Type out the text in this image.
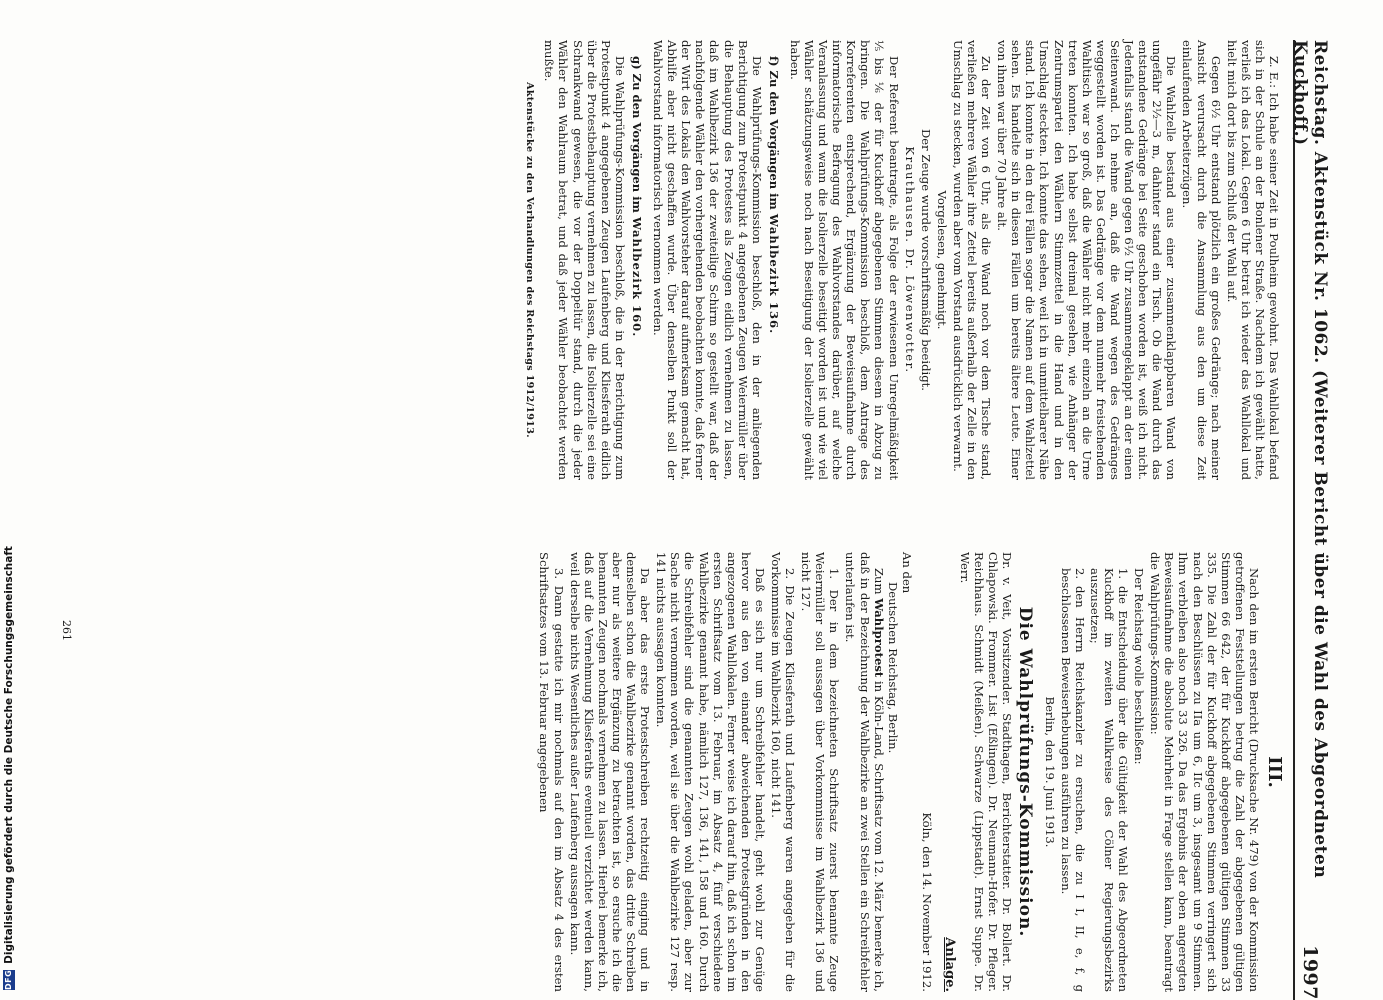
DFG
Digitalisierung gefördert durch die Deutsche Forschungsgemeinschaft	Reichstag. Aktenstück Nr. 1062. (Weiterer Bericht über die Wahl des Abgeordneten Kuckhoff.)
1997

Z. E.: Ich habe seiner Zeit in Poulheim gewohnt. Das Wahllokal befand sich in der Schule an der Bonlener Straße. Nachdem ich gewählt hatte, verließ ich das Lokal. Gegen 6 Uhr betrat ich wieder das Wahllokal und hielt mich dort bis zum Schluß der Wahl auf.

Gegen 6½ Uhr entstand plötzlich ein großes Gedränge; nach meiner Ansicht verursacht durch die Ansammlung aus den um diese Zeit einlaufenden Arbeiterzügen.

Die Wahlzelle bestand aus einer zusammenklappbaren Wand von ungefähr 2½—3 m, dahinter stand ein Tisch. Ob die Wand durch das entstandene Gedränge bei Seite geschoben worden ist, weiß ich nicht. Jedenfalls stand die Wand gegen 6½ Uhr zusammengeklappt an der einen Seitenwand. Ich nehme an, daß die Wand wegen des Gedränges weggestellt worden ist. Das Gedränge vor dem nunmehr freistehenden Wahltisch war so groß, daß die Wähler nicht mehr einzeln an die Urne treten konnten. Ich habe selbst dreimal gesehen, wie Anhänger der Zentrumspartei den Wählern Stimmzettel in die Hand und in den Umschlag steckten. Ich konnte das sehen, weil ich in unmittelbarer Nähe stand. Ich konnte in den drei Fällen sogar die Namen auf dem Wahlzettel sehen. Es handelte sich in diesen Fällen um bereits ältere Leute. Einer von ihnen war über 70 Jahre alt.

Zu der Zeit von 6 Uhr, als die Wand noch vor dem Tische stand, verließen mehrere Wähler ihre Zettel bereits außerhalb der Zelle in den Umschlag zu stecken, wurden aber vom Vorstand ausdrücklich verwarnt.

Vorgelesen, genehmigt.

Der Zeuge wurde vorschriftsmäßig beeidigt.

Krauthausen. Dr. Löwenwotter.

Der Referent beantragte, als Folge der erwiesenen Unregelmäßigkeit ⅕ bis ⅙ der für Kuckhoff abgegebenen Stimmen diesem in Abzug zu bringen. Die Wahlprüfungs-Kommission beschloß, dem Antrage des Korreferenten entsprechend, Ergänzung der Beweisaufnahme durch informatorische Befragung des Wahlvorstandes darüber, auf welche Veranlassung und wann die Isolierzelle beseitigt worden ist und wie viel Wähler schätzungsweise noch nach Beseitigung der Isolierzelle gewählt haben.

f) Zu den Vorgängen im Wahlbezirk 136.

Die Wahlprüfungs-Kommission beschloß, den in der anliegenden Berichtigung zum Protestpunkt 4 angegebenen Zeugen Weiermüller über die Behauptung des Protestes als Zeugen eidlich vernehmen zu lassen, daß im Wahlbezirk 136 der zweiteilige Schirm so gestellt war, daß der nachfolgende Wähler den vorhergehenden beobachten konnte, daß ferner der Wirt des Lokals den Wahlvorsteher darauf aufmerksam gemacht hat, Abhilfe aber nicht geschaffen wurde. Über denselben Punkt soll der Wahlvorstand informatorisch vernommen werden.

g) Zu den Vorgängen im Wahlbezirk 160.

Die Wahlprüfungs-Kommission beschloß, die in der Berichtigung zum Protestpunkt 4 angegebenen Zeugen Laufenberg und Kliesferath eidlich über die Protestbehauptung vernehmen zu lassen, die Isolierzelle sei eine Schrankwand gewesen, die vor der Doppeltür stand, durch die jeder Wähler den Wahlraum betrat, und daß jeder Wähler beobachtet werden mußte.

Aktenstücke zu den Verhandlungen des Reichstags 1912/1913.

III.

Nach den im ersten Bericht (Drucksache Nr. 479) von der Kommission getroffenen Feststellungen betrug die Zahl der abgegebenen gültigen Stimmen 66 642, der für Kuckhoff abgegebenen gültigen Stimmen 33 335. Die Zahl der für Kuckhoff abgegebenen Stimmen verringert sich nach den Beschlüssen zu IIa um 6, IIc um 3, insgesamt um 9 Stimmen. Ihm verbleiben also noch 33 326. Da das Ergebnis der oben angeregten Beweisaufnahme die absolute Mehrheit in Frage stellen kann, beantragt die Wahlprüfungs-Kommission:

Der Reichstag wolle beschließen:

1.die Entscheidung über die Gültigkeit der Wahl des Abgeordneten Kuckhoff im zweiten Wahlkreise des Cölner Regierungsbezirks auszusetzen;
2.den Herrn Reichskanzler zu ersuchen, die zu I I, II, e, f, g beschlossenen Beweiserhebungen ausführen zu lassen.

Berlin, den 19. Juni 1913.

Die Wahlprüfungs-Kommission.

Dr. v. Veit, Vorsitzender. Stadthagen, Berichterstatter. Dr. Bollert. Dr. Chlapowski. Frommer. List (Eßlingen). Dr. Neumann-Hofer. Dr. Pfleger. Reichhaus. Schmidt (Meißen). Schwarze (Lippstadt). Ernst Suppe. Dr. Werr.

Anlage.

Köln, den 14. November 1912.

An den

Deutschen Reichstag, Berlin.

Zum Wahlprotest in Köln-Land, Schriftsatz vom 12. März bemerke ich, daß in der Bezeichnung der Wahlbezirke an zwei Stellen ein Schreibfehler unterlaufen ist.

1. Der in dem bezeichneten Schriftsatz zuerst benannte Zeuge Weiermüller soll aussagen über Vorkommnisse im Wahlbezirk 136 und nicht 127.

2. Die Zeugen Kliesferath und Laufenberg waren angegeben für die Vorkommnisse im Wahlbezirk 160, nicht 141.

Daß es sich nur um Schreibfehler handelt, geht wohl zur Genüge hervor aus den von einander abweichenden Protestgründen in den angezogenen Wahllokalen. Ferner weise ich darauf hin, daß ich schon im ersten Schriftsatz vom 13. Februar, im Absatz 4, fünf verschiedene Wahlbezirke genannt habe, nämlich 127, 136, 141, 158 und 160. Durch die Schreibfehler sind die genannten Zeugen wohl geladen, aber zur Sache nicht vernommen worden, weil sie über die Wahlbezirke 127 resp. 141 nichts aussagen konnten.

Da aber das erste Protestschreiben rechtzeitig einging und in demselben schon die Wahlbezirke genannt worden, das dritte Schreiben aber nur als weitere Ergänzung zu betrachten ist, so ersuche ich die benannten Zeugen nochmals vernehmen zu lassen. Hierbei bemerke ich, daß auf die Vernehmung Kliesferaths eventuell verzichtet werden kann, weil derselbe nichts Wesentliches außer Laufenberg aussagen kann.

3. Dann gestatte ich mir nochmals auf den im Absatz 4 des ersten Schriftsatzes vom 13. Februar angegebenen

261
